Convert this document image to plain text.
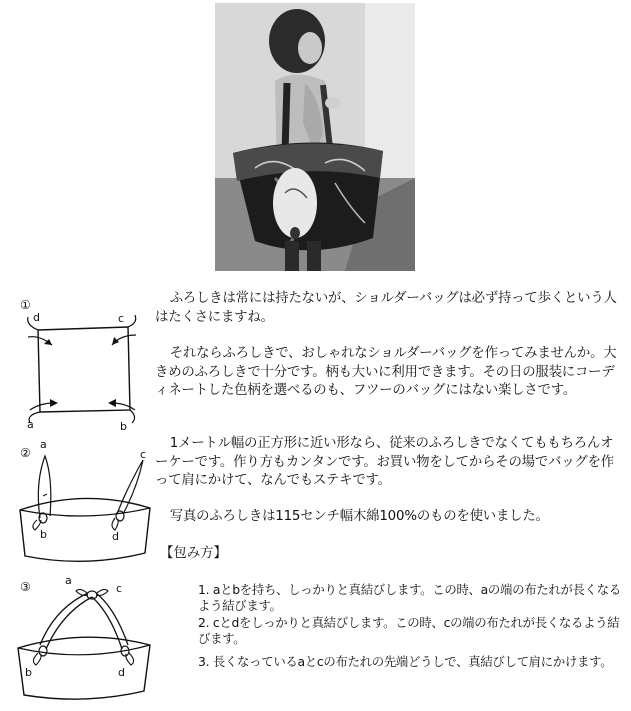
①
d	c
a	b
②
a
c
b	d
③	a
c
b	d

ふろしきは常には持たないが、ショルダーバッグは必ず持って歩くという人はたくさにますね。

それならふろしきで、おしゃれなショルダーバッグを作ってみませんか。大きめのふろしきで十分です。柄も大いに利用できます。その日の服装にコーディネートした色柄を選べるのも、フツーのバッグにはない楽しさです。

1メートル幅の正方形に近い形なら、従来のふろしきでなくてももちろんオーケーです。作り方もカンタンです。お買い物をしてからその場でバッグを作って肩にかけて、なんでもステキです。

写真のふろしきは115センチ幅木綿100%のものを使いました。

【包み方】

1. aとbを持ち、しっかりと真結びします。この時、aの端の布たれが長くなるよう結びます。

2. cとdをしっかりと真結びします。この時、cの端の布たれが長くなるよう結びます。

3. 長くなっているaとcの布たれの先端どうしで、真結びして肩にかけます。
